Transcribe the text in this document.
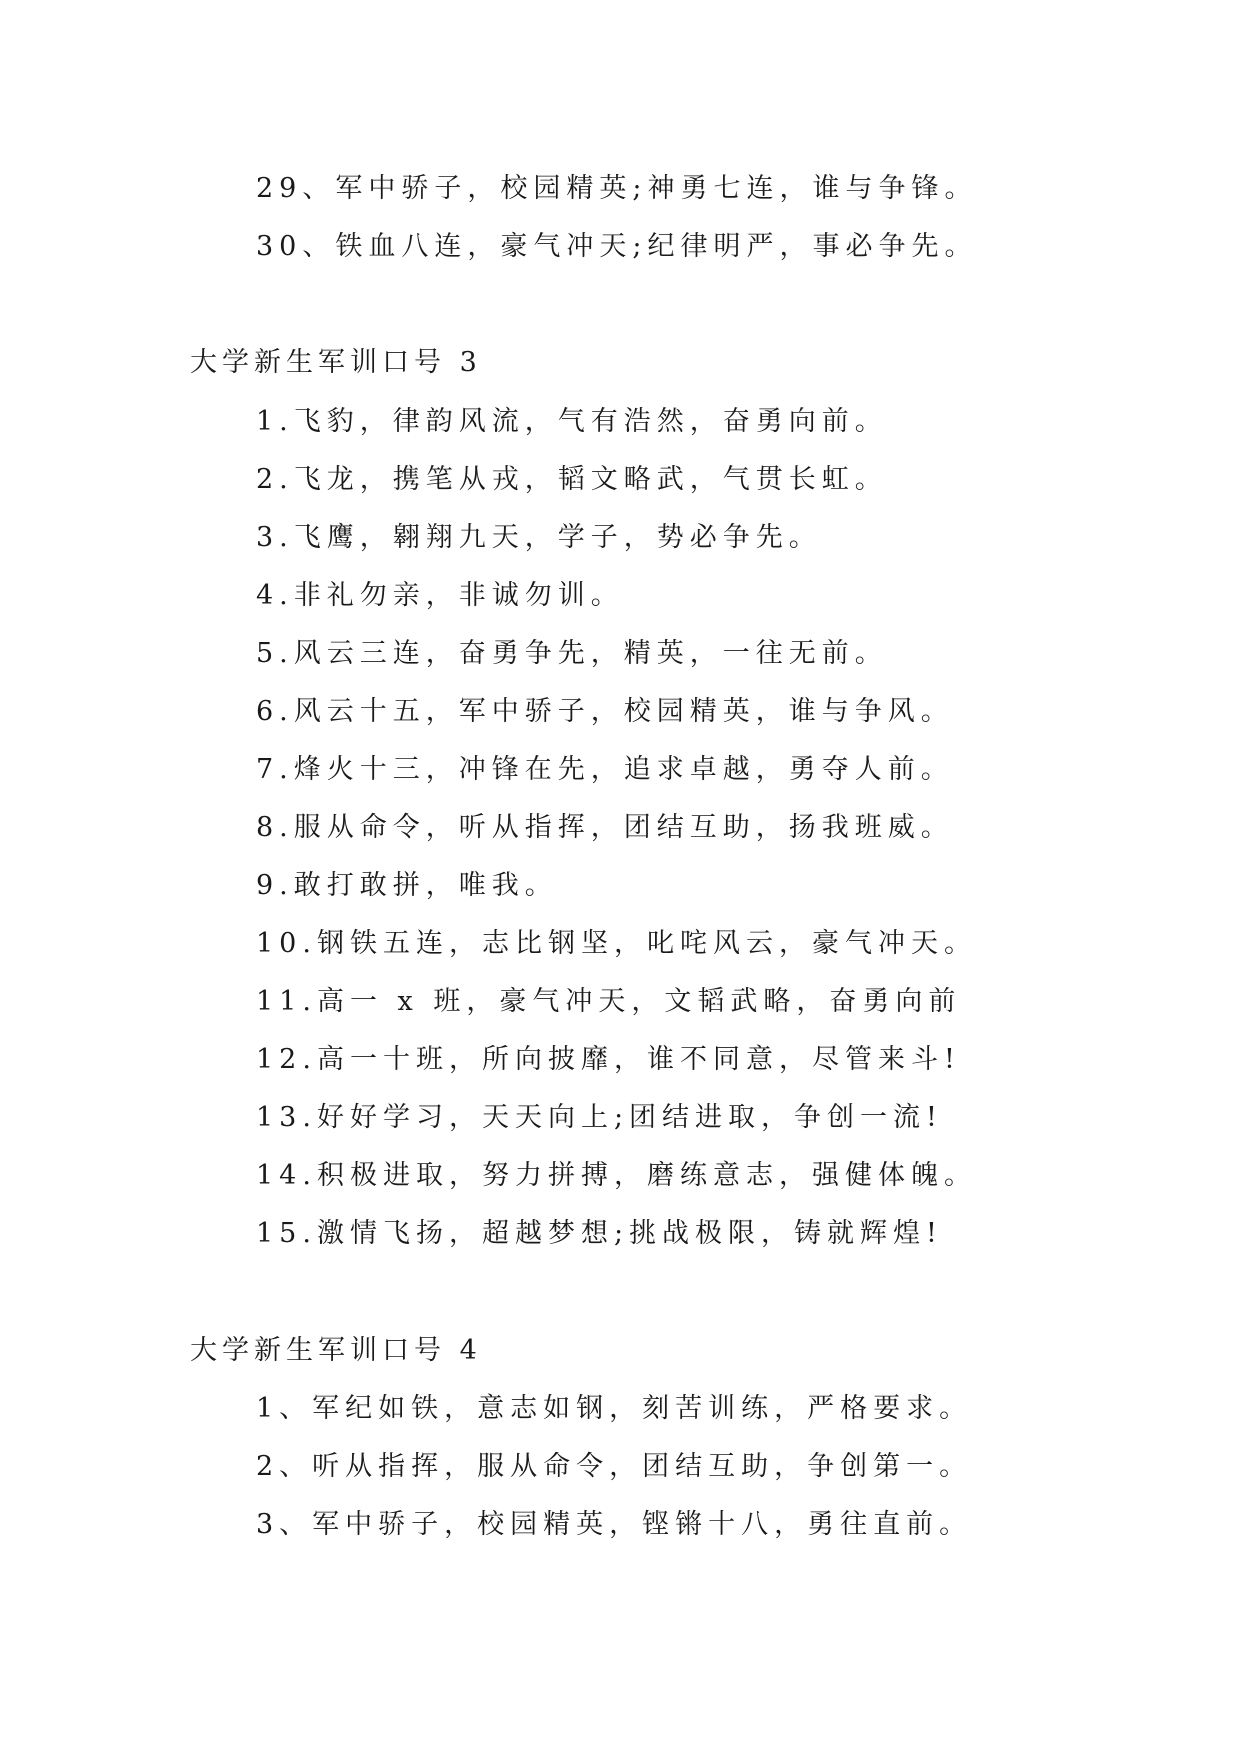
29、军中骄子，校园精英;神勇七连，谁与争锋。
30、铁血八连，豪气冲天;纪律明严，事必争先。
大学新生军训口号 3
1.飞豹，律韵风流，气有浩然，奋勇向前。
2.飞龙，携笔从戎，韬文略武，气贯长虹。
3.飞鹰，翱翔九天，学子，势必争先。
4.非礼勿亲，非诚勿训。
5.风云三连，奋勇争先，精英，一往无前。
6.风云十五，军中骄子，校园精英，谁与争风。
7.烽火十三，冲锋在先，追求卓越，勇夺人前。
8.服从命令，听从指挥，团结互助，扬我班威。
9.敢打敢拼，唯我。
10.钢铁五连，志比钢坚，叱咤风云，豪气冲天。
11.高一 x 班，豪气冲天，文韬武略，奋勇向前
12.高一十班，所向披靡，谁不同意，尽管来斗!
13.好好学习，天天向上;团结进取，争创一流!
14.积极进取，努力拼搏，磨练意志，强健体魄。
15.激情飞扬，超越梦想;挑战极限，铸就辉煌!
大学新生军训口号 4
1、军纪如铁，意志如钢，刻苦训练，严格要求。
2、听从指挥，服从命令，团结互助，争创第一。
3、军中骄子，校园精英，铿锵十八，勇往直前。
